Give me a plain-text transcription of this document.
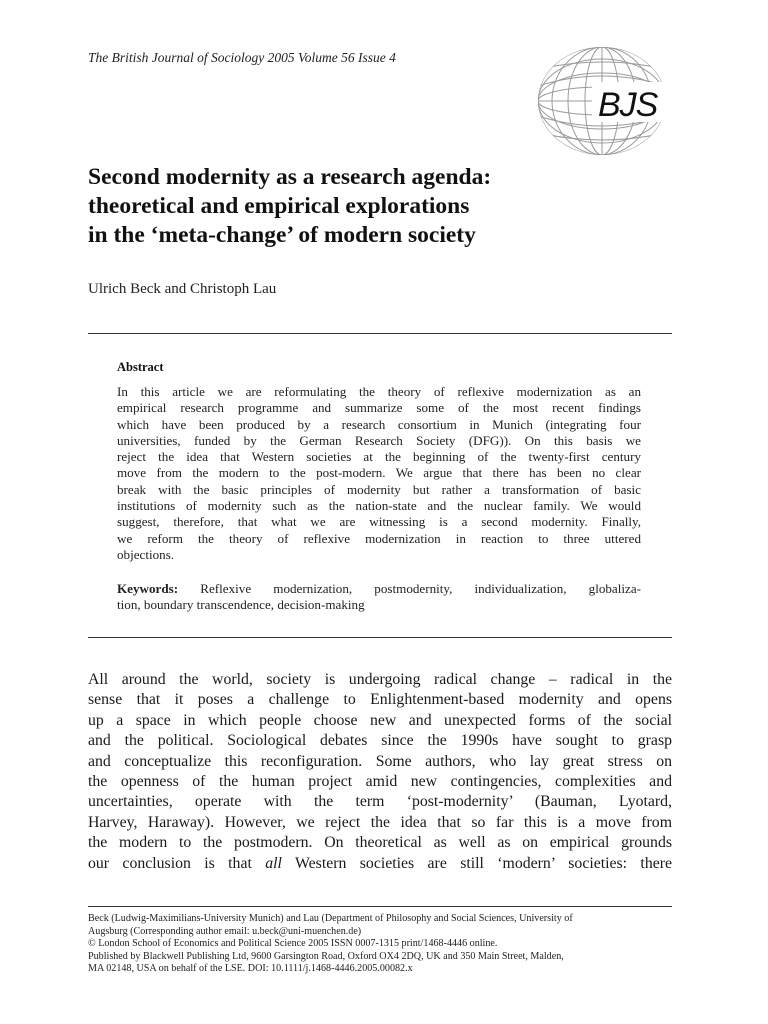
The British Journal of Sociology 2005 Volume 56 Issue 4
BJS
Second modernity as a research agenda:
theoretical and empirical explorations
in the ‘meta-change’ of modern society
Ulrich Beck and Christoph Lau
Abstract
In this article we are reformulating the theory of reflexive modernization as an
empirical research programme and summarize some of the most recent findings
which have been produced by a research consortium in Munich (integrating four
universities, funded by the German Research Society (DFG)). On this basis we
reject the idea that Western societies at the beginning of the twenty-first century
move from the modern to the post-modern. We argue that there has been no clear
break with the basic principles of modernity but rather a transformation of basic
institutions of modernity such as the nation-state and the nuclear family. We would
suggest, therefore, that what we are witnessing is a second modernity. Finally,
we reform the theory of reflexive modernization in reaction to three uttered
objections.
Keywords: Reflexive modernization, postmodernity, individualization, globaliza-
tion, boundary transcendence, decision-making
All around the world, society is undergoing radical change – radical in the
sense that it poses a challenge to Enlightenment-based modernity and opens
up a space in which people choose new and unexpected forms of the social
and the political. Sociological debates since the 1990s have sought to grasp
and conceptualize this reconfiguration. Some authors, who lay great stress on
the openness of the human project amid new contingencies, complexities and
uncertainties, operate with the term ‘post-modernity’ (Bauman, Lyotard,
Harvey, Haraway). However, we reject the idea that so far this is a move from
the modern to the postmodern. On theoretical as well as on empirical grounds
our conclusion is that all Western societies are still ‘modern’ societies: there
Beck (Ludwig-Maximilians-University Munich) and Lau (Department of Philosophy and Social Sciences, University of
Augsburg (Corresponding author email: u.beck@uni-muenchen.de)
© London School of Economics and Political Science 2005 ISSN 0007-1315 print/1468-4446 online.
Published by Blackwell Publishing Ltd, 9600 Garsington Road, Oxford OX4 2DQ, UK and 350 Main Street, Malden,
MA 02148, USA on behalf of the LSE. DOI: 10.1111/j.1468-4446.2005.00082.x
